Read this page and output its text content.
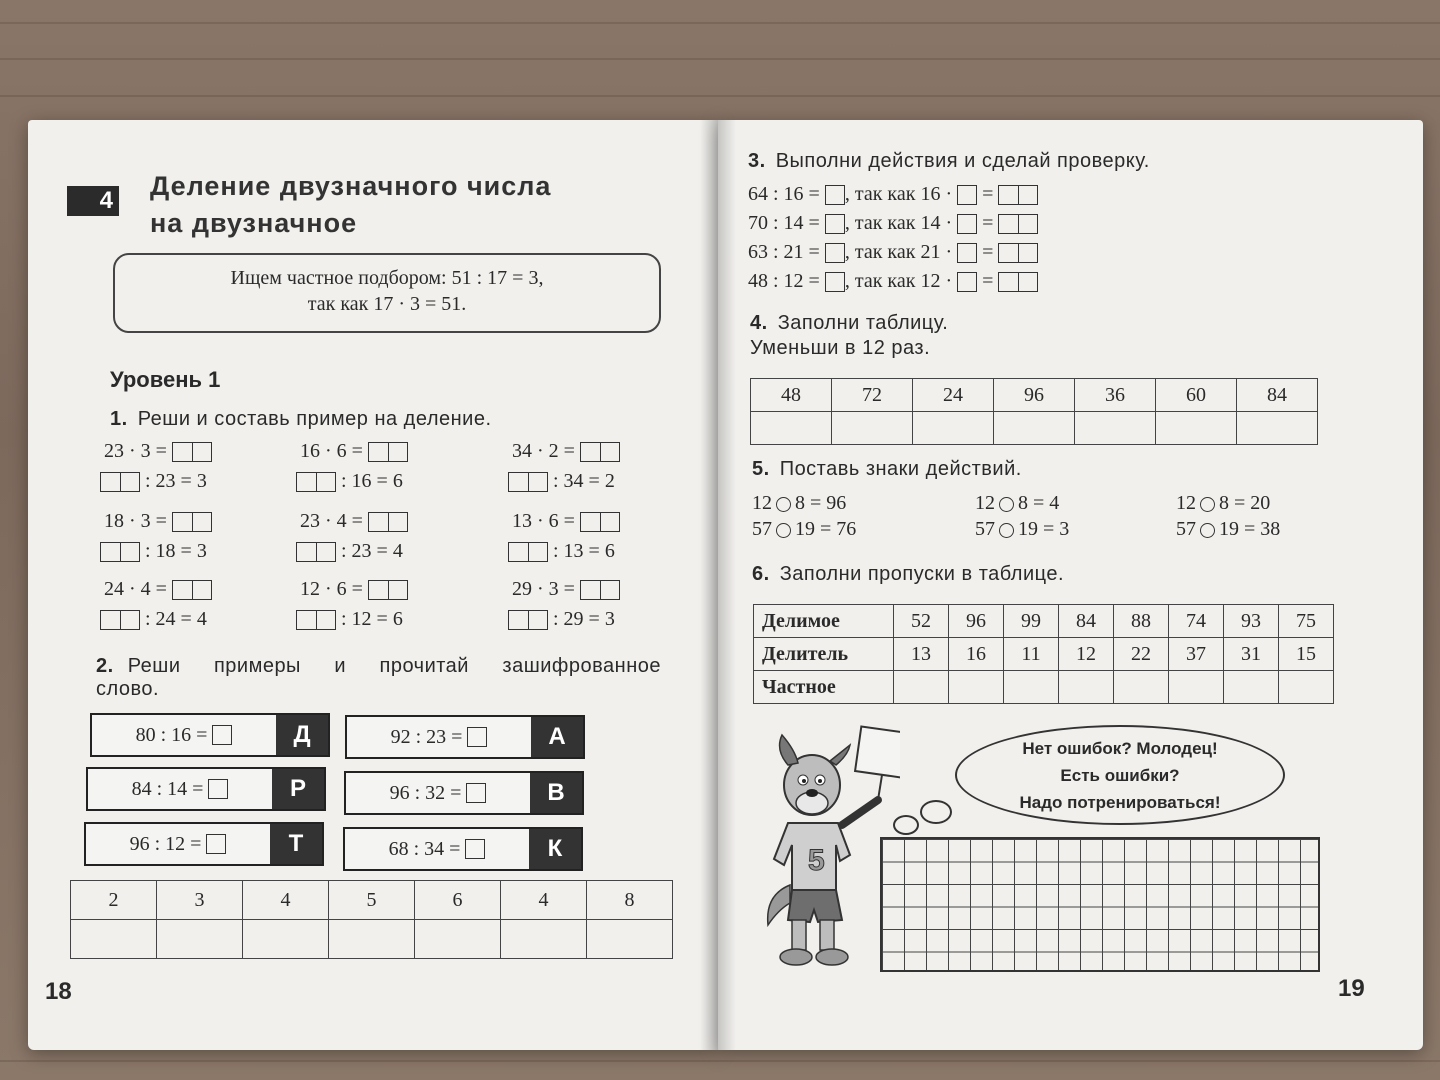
4 Деление двузначного числа
на двузначное
Ищем частное подбором: 51 : 17 = 3,
так как 17 · 3 = 51.
Уровень 1
1. Реши и составь пример на деление.
23 · 3 =
: 23 = 3
16 · 6 =
: 16 = 6
34 · 2 =
: 34 = 2
18 · 3 =
: 18 = 3
23 · 4 =
: 23 = 4
13 · 6 =
: 13 = 6
24 · 4 =
: 24 = 4
12 · 6 =
: 12 = 6
29 · 3 =
: 29 = 3
2. Реши примеры и прочитай зашифрованное
слово.
80 : 16 =
	Д	92 : 23 =
	А
84 : 14 =
	Р	96 : 32 =
	В
96 : 12 =
	Т	68 : 34 =
	К
2	3	4	5	6	4	8

18
3. Выполни действия и сделай проверку.
64 : 16 = , так как 16 · =
70 : 14 = , так как 14 · =
63 : 21 = , так как 21 · =
48 : 12 = , так как 12 · =
4. Заполни таблицу.
Уменьши в 12 раз.
48	72	24	96	36	60	84

5. Поставь знаки действий.
12 8 = 96	12 8 = 4	12 8 = 20
57 19 = 76	57 19 = 3	57 19 = 38
6. Заполни пропуски в таблице.
Делимое	52	96	99	84	88	74	93	75
Делитель	13	16	11	12	22	37	31	15
Частное								
5
Нет ошибок? Молодец!
Есть ошибки?
Надо потренироваться!
19
